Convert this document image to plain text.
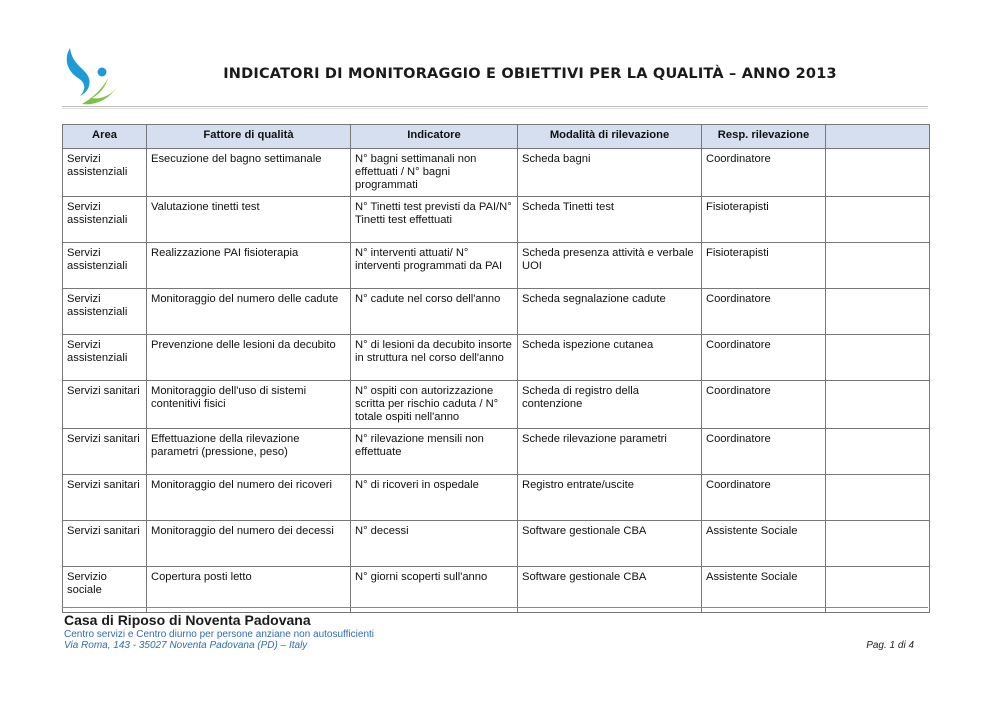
INDICATORI DI MONITORAGGIO E OBIETTIVI PER LA QUALITÀ – ANNO 2013
Area	Fattore di qualità	Indicatore	Modalità di rilevazione	Resp. rilevazione	
Servizi assistenziali	Esecuzione del bagno settimanale	N° bagni settimanali non effettuati / N° bagni programmati	Scheda bagni	Coordinatore	
Servizi assistenziali	Valutazione tinetti test	N° Tinetti test previsti da PAI/N° Tinetti test effettuati	Scheda Tinetti test	Fisioterapisti	
Servizi assistenziali	Realizzazione PAI fisioterapia	N° interventi attuati/ N° interventi programmati da PAI	Scheda presenza attività e verbale UOI	Fisioterapisti	
Servizi assistenziali	Monitoraggio del numero delle cadute	N° cadute nel corso dell'anno	Scheda segnalazione cadute	Coordinatore	
Servizi assistenziali	Prevenzione delle lesioni da decubito	N° di lesioni da decubito insorte in struttura nel corso dell'anno	Scheda ispezione cutanea	Coordinatore	
Servizi sanitari	Monitoraggio dell'uso di sistemi contenitivi fisici	N° ospiti con autorizzazione scritta per rischio caduta / N° totale ospiti nell'anno	Scheda di registro della contenzione	Coordinatore	
Servizi sanitari	Effettuazione della rilevazione parametri (pressione, peso)	N° rilevazione mensili non effettuate	Schede rilevazione parametri	Coordinatore	
Servizi sanitari	Monitoraggio del numero dei ricoveri	N° di ricoveri in ospedale	Registro entrate/uscite	Coordinatore	
Servizi sanitari	Monitoraggio del numero dei decessi	N° decessi	Software gestionale CBA	Assistente Sociale	
Servizio sociale	Copertura posti letto	N° giorni scoperti sull'anno	Software gestionale CBA	Assistente Sociale	
Casa di Riposo di Noventa Padovana
Centro servizi e Centro diurno per persone anziane non autosufficienti
Via Roma, 143 - 35027 Noventa Padovana (PD) – Italy	Pag. 1 di 4
